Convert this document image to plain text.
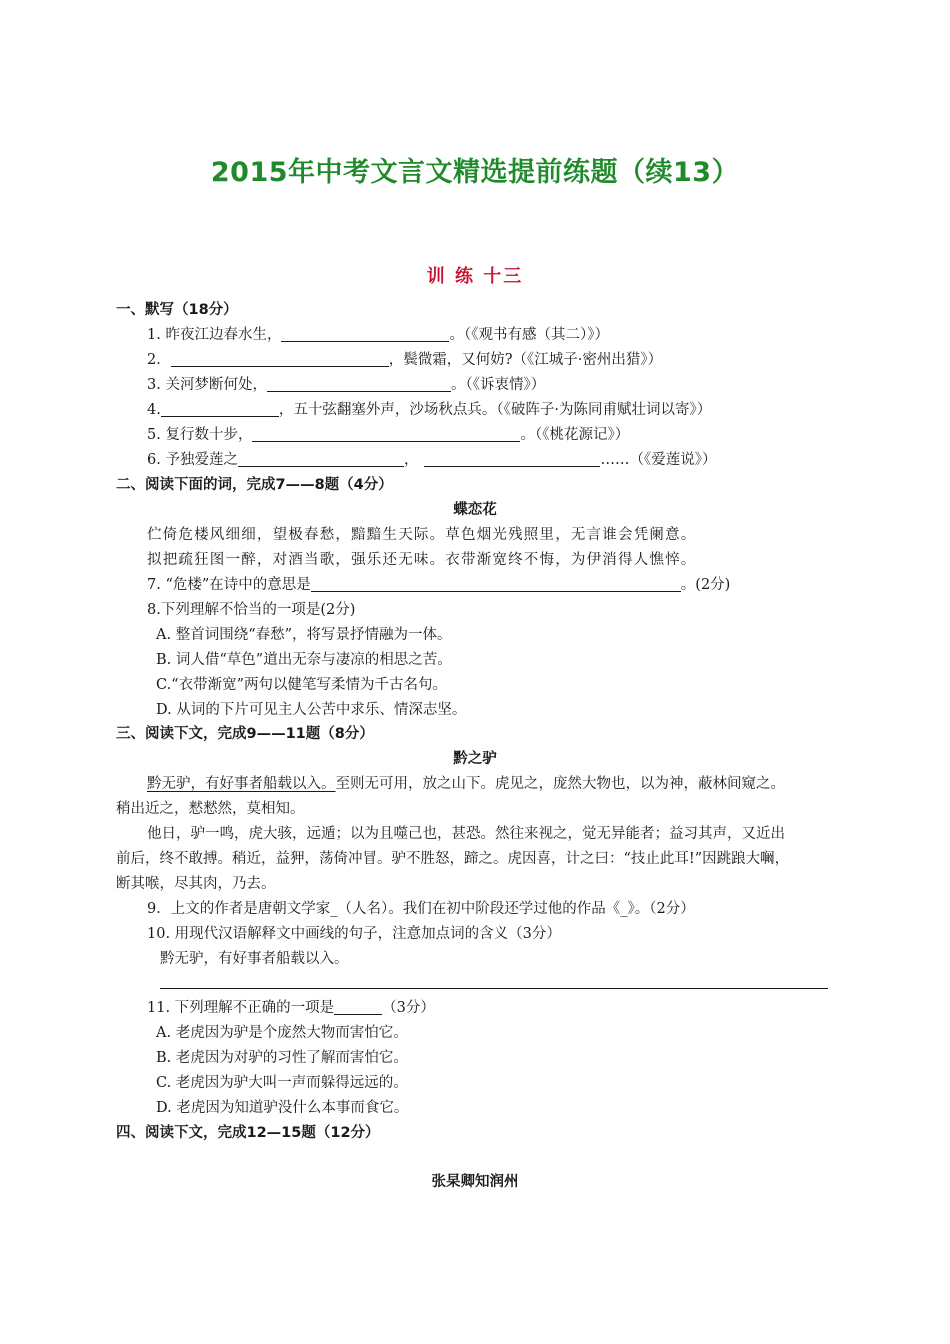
2015年中考文言文精选提前练题（续13）
训 练 十三
一、默写（18分）
1. 昨夜江边春水生，	。（《观书有感（其二）》）
2．	，鬓微霜，又何妨?（《江城子·密州出猎》）
3. 关河梦断何处，	。（《诉衷情》）
4.	，五十弦翻塞外声，沙场秋点兵。（《破阵子·为陈同甫赋壮词以寄》）
5. 复行数十步，	。（《桃花源记》）
6. 予独爱莲之	，	……（《爱莲说》）
二、阅读下面的词，完成7——8题（4分）
蝶恋花
伫倚危楼风细细，望极春愁，黯黯生天际。草色烟光残照里，无言谁会凭阑意。
拟把疏狂图一醉，对酒当歌，强乐还无味。衣带渐宽终不悔，为伊消得人憔悴。
7. “危楼”在诗中的意思是	。(2分)
8.下列理解不恰当的一项是(2分)
A. 整首词围绕“春愁”，将写景抒情融为一体。
B. 词人借“草色”道出无奈与凄凉的相思之苦。
C.“衣带渐宽”两句以健笔写柔情为千古名句。
D. 从词的下片可见主人公苦中求乐、情深志坚。
三、阅读下文，完成9——11题（8分）
黔之驴
黔无驴，有好事者船载以入。至则无可用，放之山下。虎见之，庞然大物也，以为神，蔽林间窥之。
稍出近之，慭慭然，莫相知。
他日，驴一鸣，虎大骇，远遁；以为且噬己也，甚恐。然往来视之，觉无异能者；益习其声，又近出
前后，终不敢搏。稍近，益狎，荡倚冲冒。驴不胜怒，蹄之。虎因喜，计之曰：“技止此耳!”因跳踉大㘎，
断其喉，尽其肉，乃去。
9．上文的作者是唐朝文学家_（人名）。我们在初中阶段还学过他的作品《_》。（2分）
10. 用现代汉语解释文中画线的句子，注意加点词的含义（3分）
黔无驴，有好事者船载以入。
11. 下列理解不正确的一项是	（3分）
A. 老虎因为驴是个庞然大物而害怕它。
B. 老虎因为对驴的习性了解而害怕它。
C. 老虎因为驴大叫一声而躲得远远的。
D. 老虎因为知道驴没什么本事而食它。
四、阅读下文，完成12—15题（12分）
张杲卿知润州
